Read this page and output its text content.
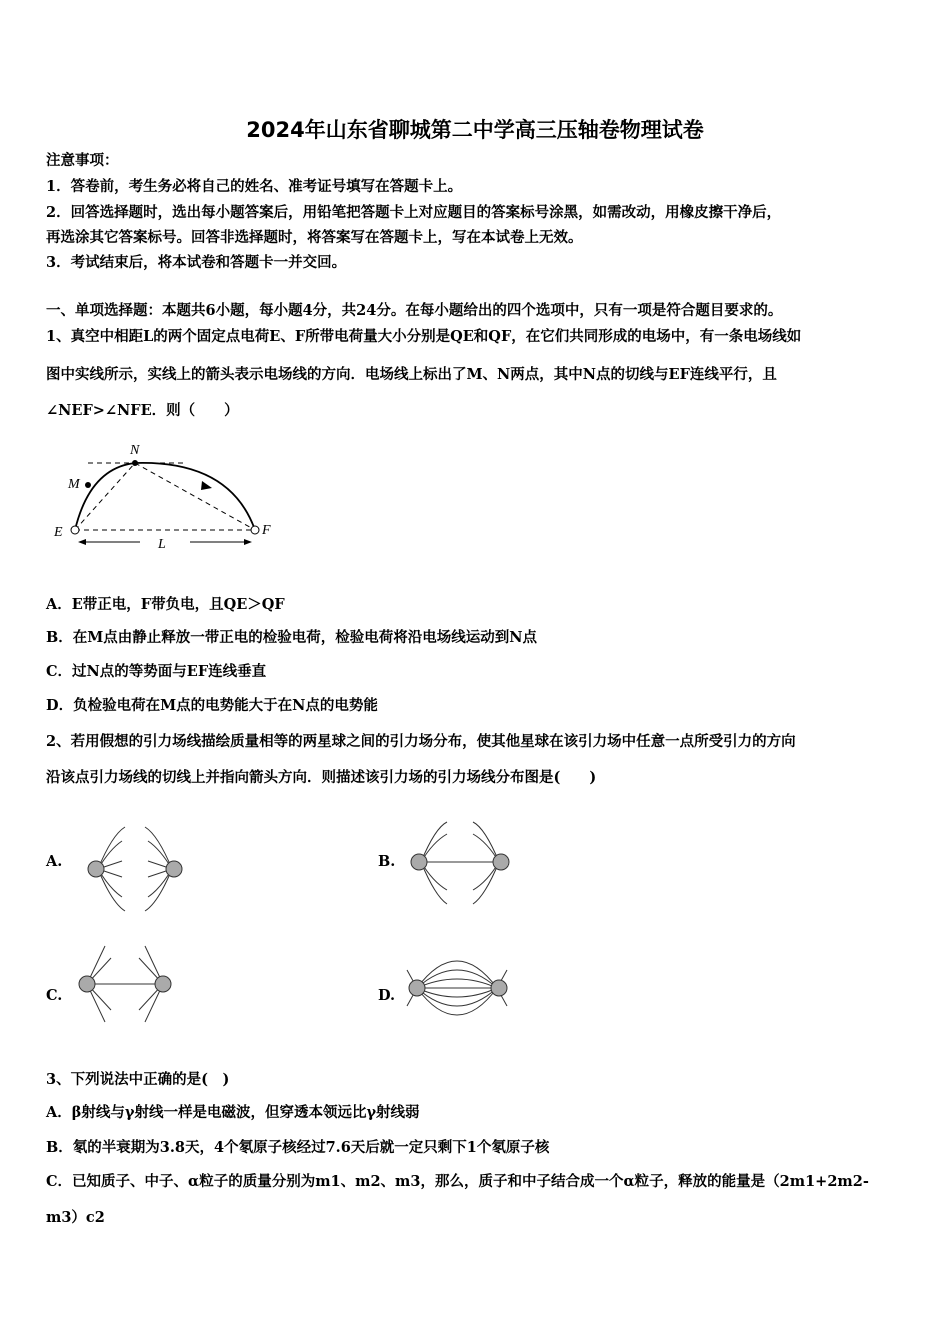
2024年山东省聊城第二中学高三压轴卷物理试卷
注意事项：
1．答卷前，考生务必将自己的姓名、准考证号填写在答题卡上。
2．回答选择题时，选出每小题答案后，用铅笔把答题卡上对应题目的答案标号涂黑，如需改动，用橡皮擦干净后，
再选涂其它答案标号。回答非选择题时，将答案写在答题卡上，写在本试卷上无效。
3．考试结束后，将本试卷和答题卡一并交回。
一、单项选择题：本题共6小题，每小题4分，共24分。在每小题给出的四个选项中，只有一项是符合题目要求的。
1、真空中相距L的两个固定点电荷E、F所带电荷量大小分别是QE和QF，在它们共同形成的电场中，有一条电场线如
图中实线所示，实线上的箭头表示电场线的方向．电场线上标出了M、N两点，其中N点的切线与EF连线平行，且
∠NEF>∠NFE．则（　　）
N
M
E	F
L
A．E带正电，F带负电，且QE＞QF
B．在M点由静止释放一带正电的检验电荷，检验电荷将沿电场线运动到N点
C．过N点的等势面与EF连线垂直
D．负检验电荷在M点的电势能大于在N点的电势能
2、若用假想的引力场线描绘质量相等的两星球之间的引力场分布，使其他星球在该引力场中任意一点所受引力的方向
沿该点引力场线的切线上并指向箭头方向．则描述该引力场的引力场线分布图是(　　)
A.	B.
C.	D.
3、下列说法中正确的是(　)
A．β射线与γ射线一样是电磁波，但穿透本领远比γ射线弱
B．氡的半衰期为3.8天，4个氡原子核经过7.6天后就一定只剩下1个氡原子核
C．已知质子、中子、α粒子的质量分别为m1、m2、m3，那么，质子和中子结合成一个α粒子，释放的能量是（2m1+2m2-
m3）c2
